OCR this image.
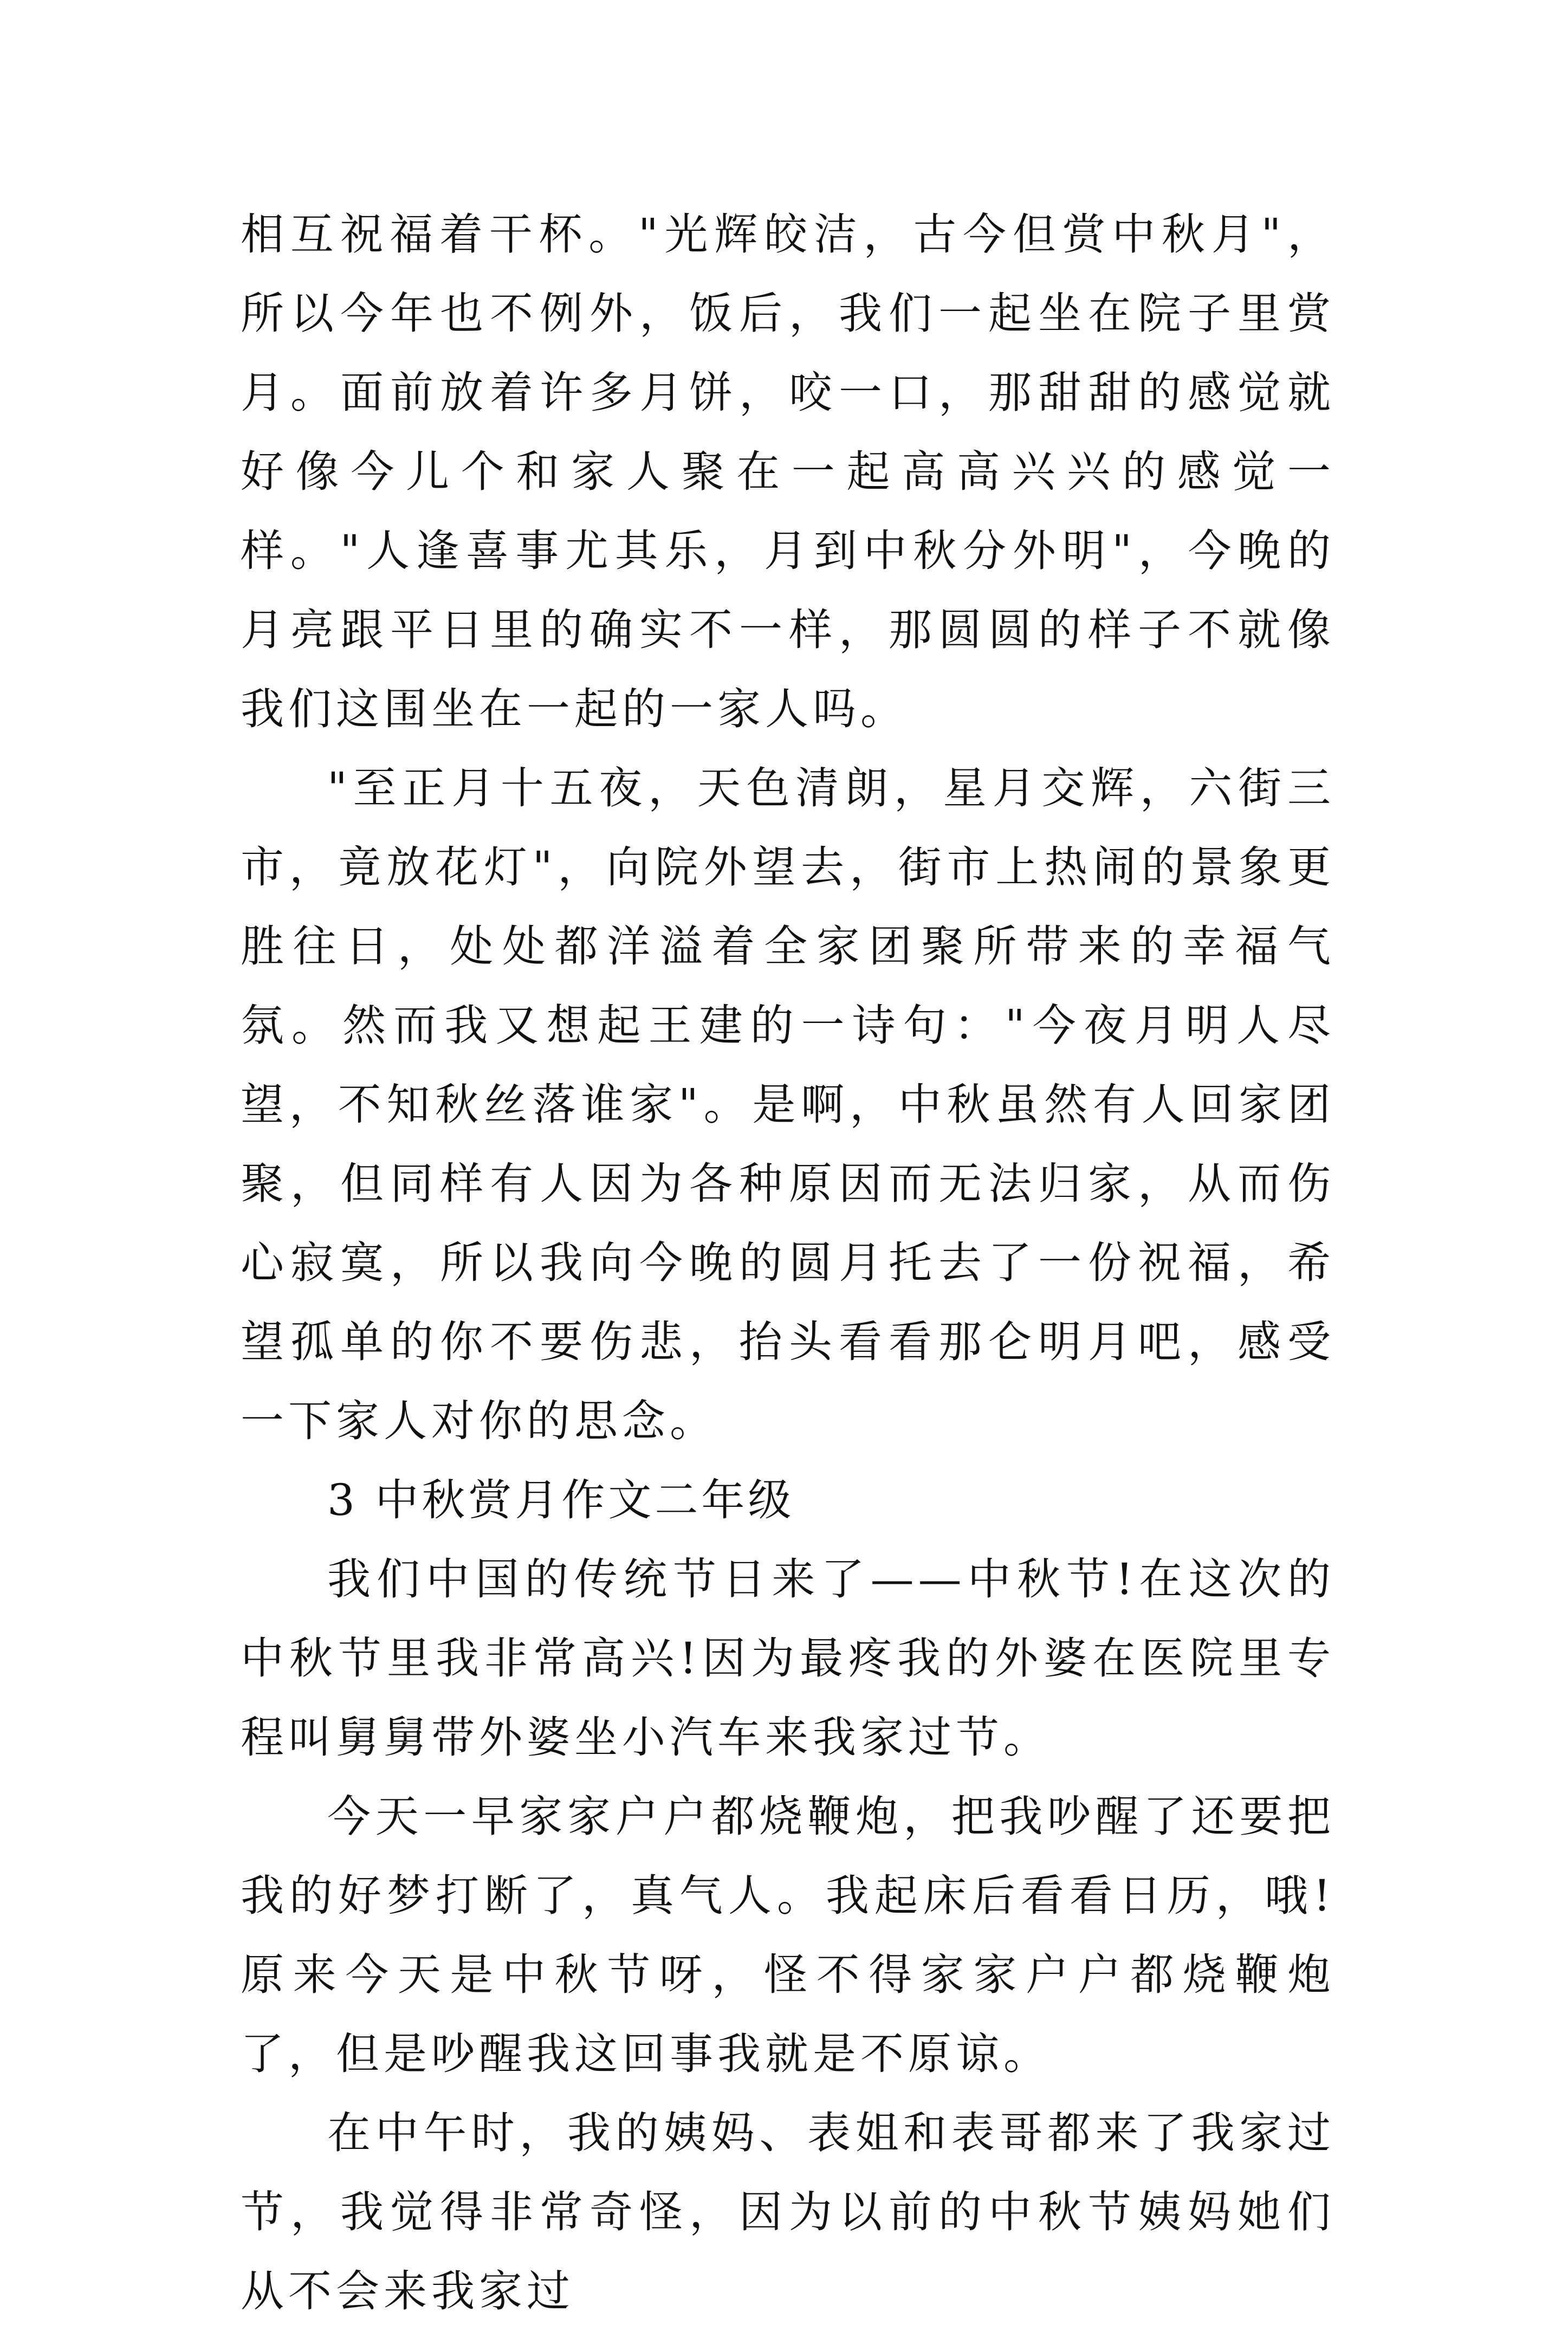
相互祝福着干杯。"光辉皎洁，古今但赏中秋月"，所以今年也不例外，饭后，我们一起坐在院子里赏月。面前放着许多月饼，咬一口，那甜甜的感觉就好像今儿个和家人聚在一起高高兴兴的感觉一样。"人逢喜事尤其乐，月到中秋分外明"，今晚的月亮跟平日里的确实不一样，那圆圆的样子不就像我们这围坐在一起的一家人吗。

"至正月十五夜，天色清朗，星月交辉，六街三市，竟放花灯"，向院外望去，街市上热闹的景象更胜往日，处处都洋溢着全家团聚所带来的幸福气氛。然而我又想起王建的一诗句："今夜月明人尽望，不知秋丝落谁家"。是啊，中秋虽然有人回家团聚，但同样有人因为各种原因而无法归家，从而伤心寂寞，所以我向今晚的圆月托去了一份祝福，希望孤单的你不要伤悲，抬头看看那仑明月吧，感受一下家人对你的思念。

3 中秋赏月作文二年级

我们中国的传统节日来了——中秋节!在这次的中秋节里我非常高兴!因为最疼我的外婆在医院里专程叫舅舅带外婆坐小汽车来我家过节。

今天一早家家户户都烧鞭炮，把我吵醒了还要把我的好梦打断了，真气人。我起床后看看日历，哦!原来今天是中秋节呀，怪不得家家户户都烧鞭炮了，但是吵醒我这回事我就是不原谅。

在中午时，我的姨妈、表姐和表哥都来了我家过节，我觉得非常奇怪，因为以前的中秋节姨妈她们从不会来我家过
